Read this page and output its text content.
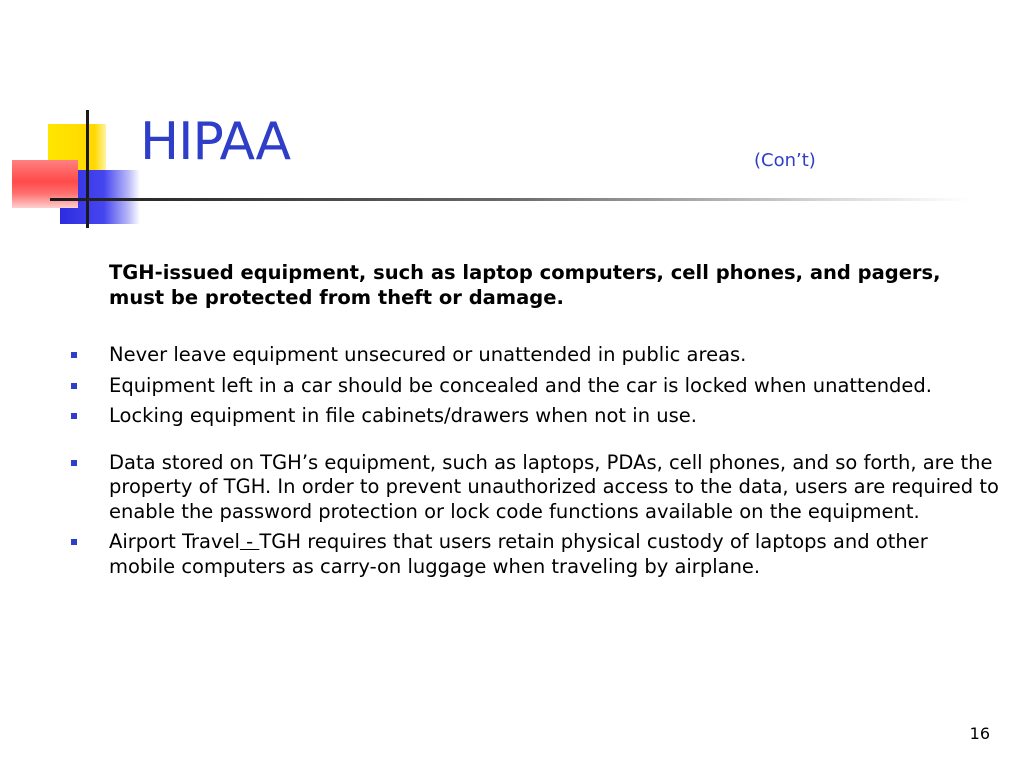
HIPAA	(Con’t)
TGH-issued equipment, such as laptop computers, cell phones, and pagers, must be protected from theft or damage.
Never leave equipment unsecured or unattended in public areas.
Equipment left in a car should be concealed and the car is locked when unattended.
Locking equipment in file cabinets/drawers when not in use.
Data stored on TGH’s equipment, such as laptops, PDAs, cell phones, and so forth, are the property of TGH. In order to prevent unauthorized access to the data, users are required to enable the password protection or lock code functions available on the equipment.
Airport Travel - TGH requires that users retain physical custody of laptops and other mobile computers as carry-on luggage when traveling by airplane.
16
